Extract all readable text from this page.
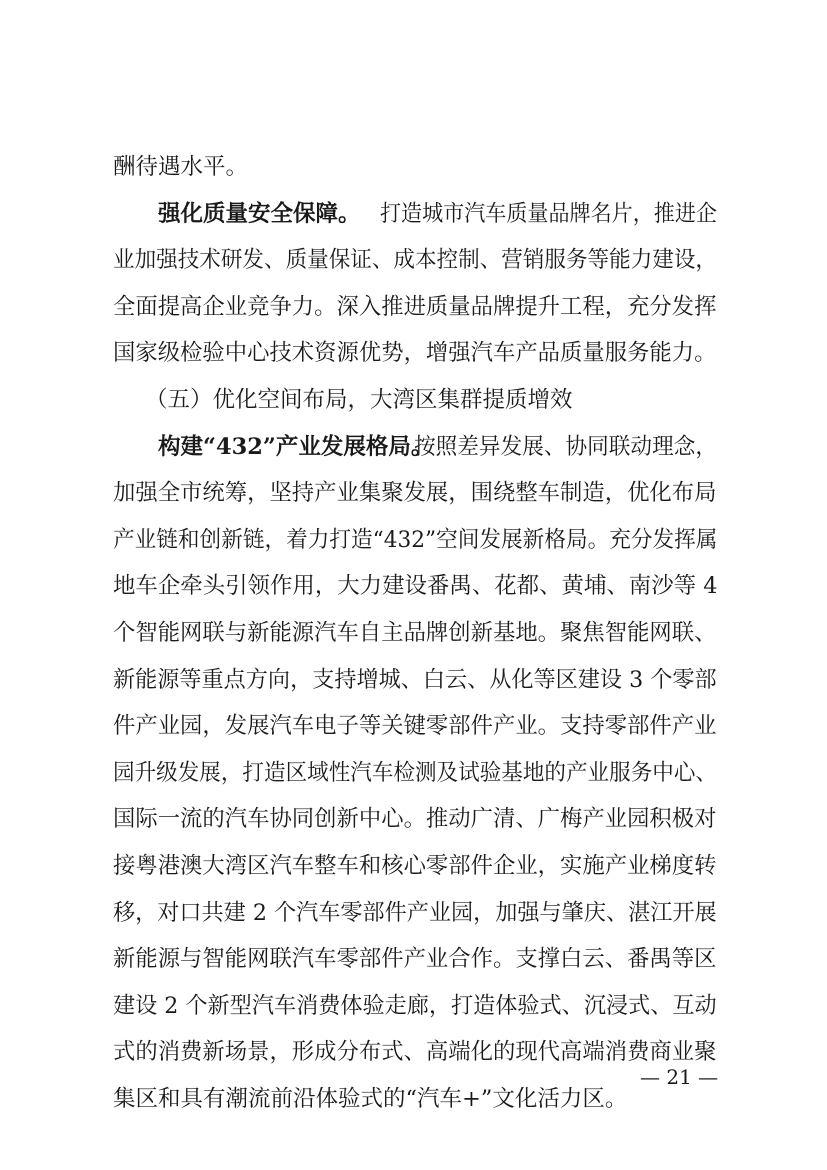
酬待遇水平。
强化质量安全保障。 打造城市汽车质量品牌名片，推进企
业加强技术研发、质量保证、成本控制、营销服务等能力建设，
全面提高企业竞争力。深入推进质量品牌提升工程，充分发挥
国家级检验中心技术资源优势，增强汽车产品质量服务能力。
（五）优化空间布局，大湾区集群提质增效
构建“432”产业发展格局。
按照差异发展、协同联动理念，
加强全市统筹，坚持产业集聚发展，围绕整车制造，优化布局
产业链和创新链，着力打造“432”空间发展新格局。充分发挥属
地车企牵头引领作用，大力建设番禺、花都、黄埔、南沙等 4
个智能网联与新能源汽车自主品牌创新基地。聚焦智能网联、
新能源等重点方向，支持增城、白云、从化等区建设 3 个零部
件产业园，发展汽车电子等关键零部件产业。支持零部件产业
园升级发展，打造区域性汽车检测及试验基地的产业服务中心、
国际一流的汽车协同创新中心。推动广清、广梅产业园积极对
接粤港澳大湾区汽车整车和核心零部件企业，实施产业梯度转
移，对口共建 2 个汽车零部件产业园，加强与肇庆、湛江开展
新能源与智能网联汽车零部件产业合作。支撑白云、番禺等区
建设 2 个新型汽车消费体验走廊，打造体验式、沉浸式、互动
式的消费新场景，形成分布式、高端化的现代高端消费商业聚
集区和具有潮流前沿体验式的“汽车+”文化活力区。
— 21 —
